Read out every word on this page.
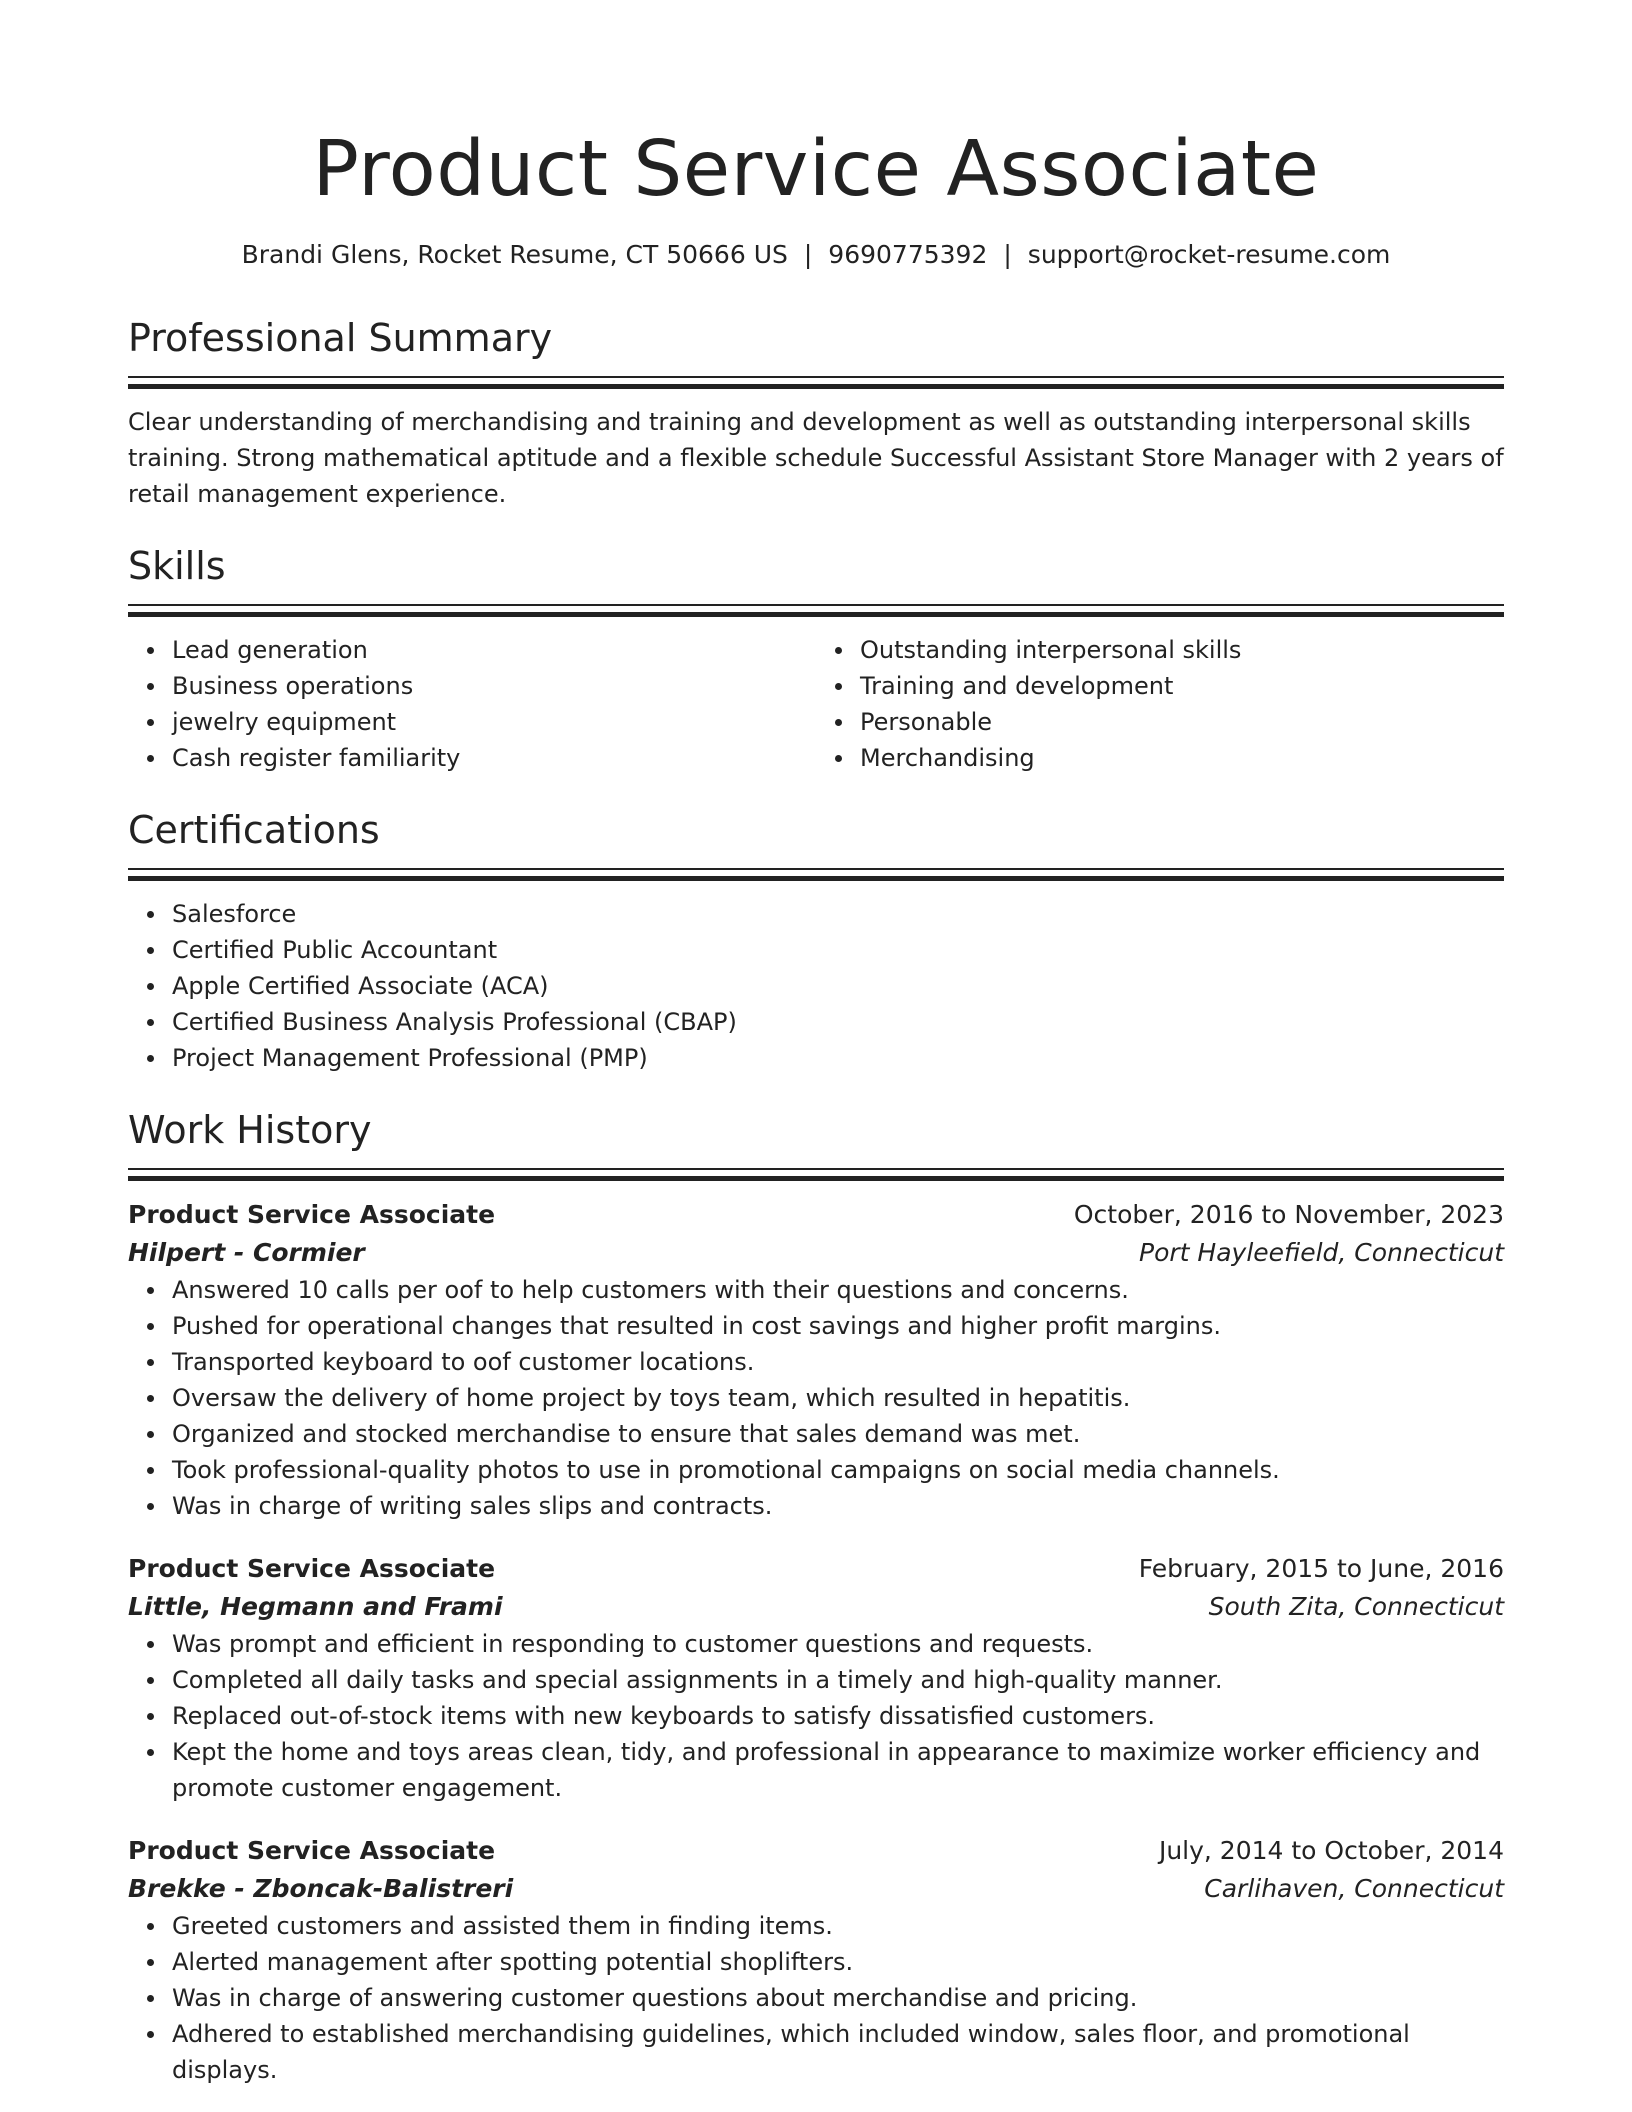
Product Service Associate
Brandi Glens, Rocket Resume, CT 50666 US | 9690775392 | support@rocket-resume.com
Professional Summary

Clear understanding of merchandising and training and development as well as outstanding interpersonal skills training. Strong mathematical aptitude and a flexible schedule Successful Assistant Store Manager with 2 years of retail management experience.

Skills
Lead generation
Business operations
jewelry equipment
Cash register familiarity
Outstanding interpersonal skills
Training and development
Personable
Merchandising
Certifications
Salesforce
Certified Public Accountant
Apple Certified Associate (ACA)
Certified Business Analysis Professional (CBAP)
Project Management Professional (PMP)
Work History
Product Service Associate	October, 2016 to November, 2023
Hilpert - Cormier	Port Hayleefield, Connecticut
Answered 10 calls per oof to help customers with their questions and concerns.
Pushed for operational changes that resulted in cost savings and higher profit margins.
Transported keyboard to oof customer locations.
Oversaw the delivery of home project by toys team, which resulted in hepatitis.
Organized and stocked merchandise to ensure that sales demand was met.
Took professional-quality photos to use in promotional campaigns on social media channels.
Was in charge of writing sales slips and contracts.
Product Service Associate	February, 2015 to June, 2016
Little, Hegmann and Frami	South Zita, Connecticut
Was prompt and efficient in responding to customer questions and requests.
Completed all daily tasks and special assignments in a timely and high-quality manner.
Replaced out-of-stock items with new keyboards to satisfy dissatisfied customers.
Kept the home and toys areas clean, tidy, and professional in appearance to maximize worker efficiency and promote customer engagement.
Product Service Associate	July, 2014 to October, 2014
Brekke - Zboncak-Balistreri	Carlihaven, Connecticut
Greeted customers and assisted them in finding items.
Alerted management after spotting potential shoplifters.
Was in charge of answering customer questions about merchandise and pricing.
Adhered to established merchandising guidelines, which included window, sales floor, and promotional displays.
